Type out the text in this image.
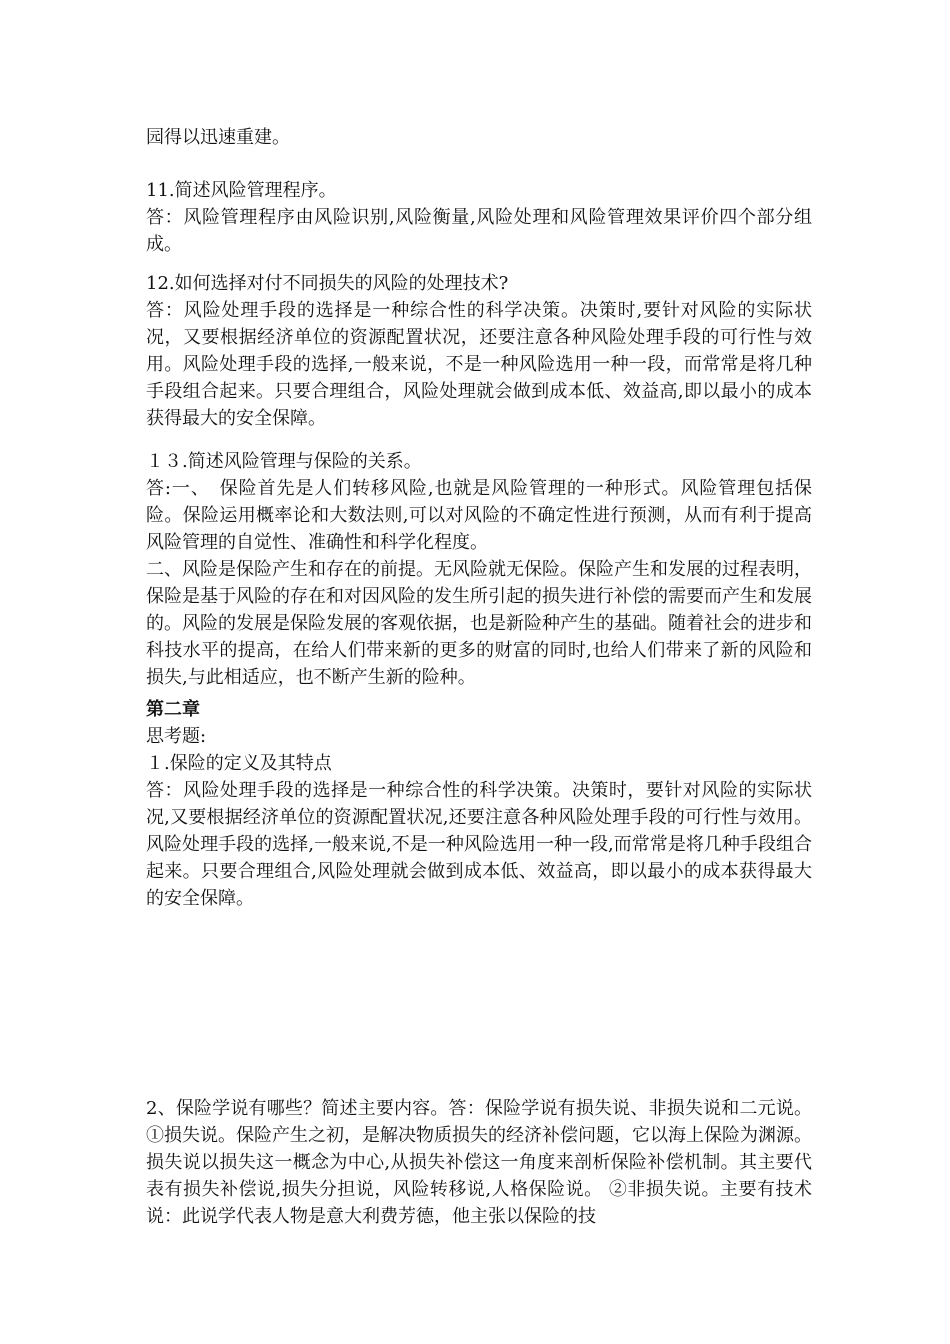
园得以迅速重建。

11.简述风险管理程序。

答：风险管理程序由风险识别,风险衡量,风险处理和风险管理效果评价四个部分组成。

12.如何选择对付不同损失的风险的处理技术?

答：风险处理手段的选择是一种综合性的科学决策。决策时,要针对风险的实际状况，又要根据经济单位的资源配置状况，还要注意各种风险处理手段的可行性与效用。风险处理手段的选择,一般来说，不是一种风险选用一种一段，而常常是将几种手段组合起来。只要合理组合，风险处理就会做到成本低、效益高,即以最小的成本获得最大的安全保障。

１３.简述风险管理与保险的关系。

答:一、　保险首先是人们转移风险,也就是风险管理的一种形式。风险管理包括保险。保险运用概率论和大数法则,可以对风险的不确定性进行预测，从而有利于提高风险管理的自觉性、准确性和科学化程度。

二、风险是保险产生和存在的前提。无风险就无保险。保险产生和发展的过程表明，保险是基于风险的存在和对因风险的发生所引起的损失进行补偿的需要而产生和发展的。风险的发展是保险发展的客观依据，也是新险种产生的基础。随着社会的进步和科技水平的提高，在给人们带来新的更多的财富的同时,也给人们带来了新的风险和损失,与此相适应，也不断产生新的险种。

第二章

思考题:

１.保险的定义及其特点

答：风险处理手段的选择是一种综合性的科学决策。决策时，要针对风险的实际状况,又要根据经济单位的资源配置状况,还要注意各种风险处理手段的可行性与效用。风险处理手段的选择,一般来说,不是一种风险选用一种一段,而常常是将几种手段组合起来。只要合理组合,风险处理就会做到成本低、效益高，即以最小的成本获得最大的安全保障。

2、保险学说有哪些？简述主要内容。答：保险学说有损失说、非损失说和二元说。 ①损失说。保险产生之初，是解决物质损失的经济补偿问题，它以海上保险为渊源。损失说以损失这一概念为中心,从损失补偿这一角度来剖析保险补偿机制。其主要代表有损失补偿说,损失分担说，风险转移说,人格保险说。 ②非损失说。主要有技术说：此说学代表人物是意大利费芳德，他主张以保险的技
